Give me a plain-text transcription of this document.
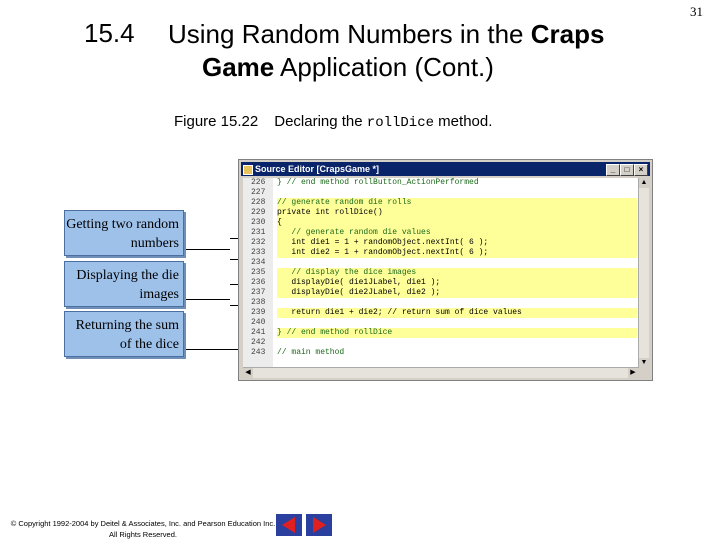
31
15.4 Using Random Numbers in the Craps
Game Application (Cont.)
Figure 15.22 Declaring the rollDice method.
Getting two random numbers
Displaying the die images
Returning the sum of the dice
Source Editor [CrapsGame *]	_	□	×
226
227
228
229
230
231
232
233
234
235
236
237
238
239
240
241
242
243
} // end method rollButton_ActionPerformed
// generate random die rolls
private int rollDice()
{
// generate random die values
int die1 = 1 + randomObject.nextInt( 6 );
int die2 = 1 + randomObject.nextInt( 6 );
// display the dice images
displayDie( die1JLabel, die1 );
displayDie( die2JLabel, die2 );
return die1 + die2; // return sum of dice values
} // end method rollDice
// main method
▲
▼
◀	▶
© Copyright 1992-2004 by Deitel & Associates, Inc. and Pearson Education Inc. All Rights Reserved.
